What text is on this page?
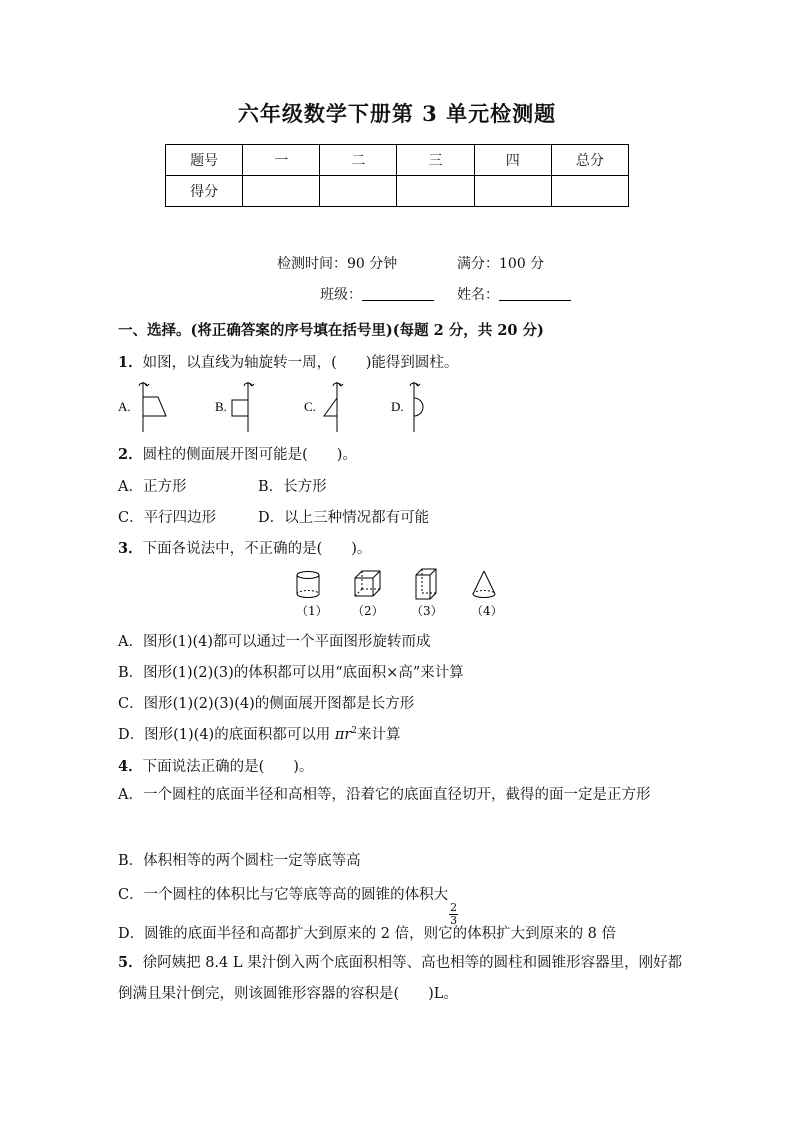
六年级数学下册第 3 单元检测题
题号	一	二	三	四	总分
得分					
检测时间：90 分钟	满分：100 分
班级：	姓名：
一、选择。(将正确答案的序号填在括号里)(每题 2 分，共 20 分)
1．如图，以直线为轴旋转一周，(　　)能得到圆柱。
A.	B.	C.	D.
2．圆柱的侧面展开图可能是(　　)。
A．正方形	B．长方形
C．平行四边形	D．以上三种情况都有可能
3．下面各说法中，不正确的是(　　)。
（1） （2） （3） （4）
A．图形(1)(4)都可以通过一个平面图形旋转而成
B．图形(1)(2)(3)的体积都可以用“底面积×高”来计算
C．图形(1)(2)(3)(4)的侧面展开图都是长方形
D．图形(1)(4)的底面积都可以用 $\pi r^2$来计算
4．下面说法正确的是(　　)。
A．一个圆柱的底面半径和高相等，沿着它的底面直径切开，截得的面一定是正方形
B．体积相等的两个圆柱一定等底等高
C．一个圆柱的体积比与它等底等高的圆锥的体积大
$\frac{2}{3}$
D．圆锥的底面半径和高都扩大到原来的 2 倍，则它的体积扩大到原来的 8 倍
5．徐阿姨把 8.4 L 果汁倒入两个底面积相等、高也相等的圆柱和圆锥形容器里，刚好都倒满且果汁倒完，则该圆锥形容器的容积是(　　)L。
